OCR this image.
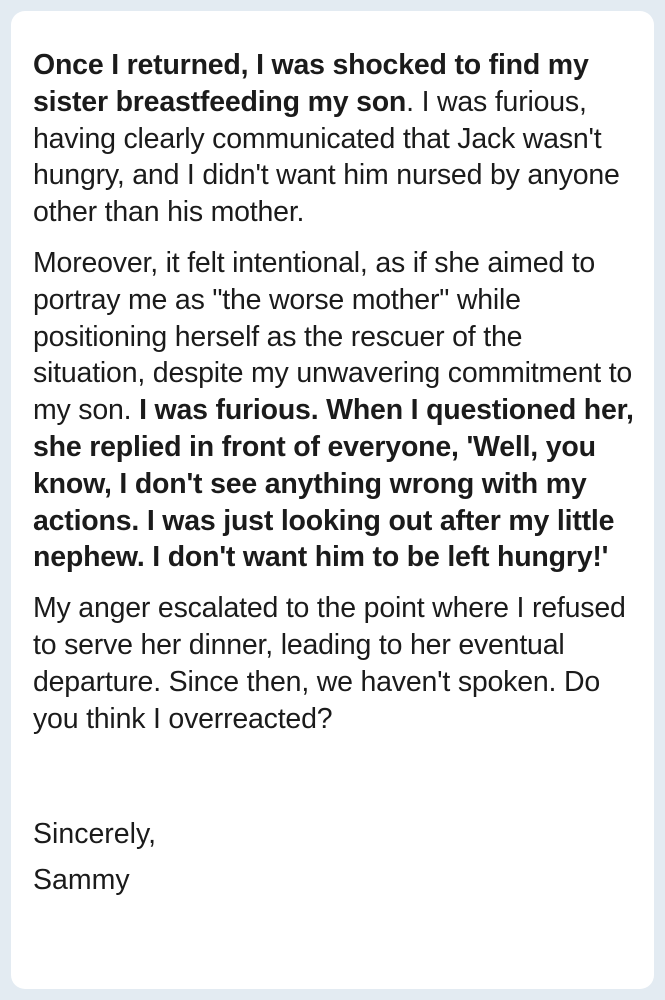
Once I returned, I was shocked to find my sister breastfeeding my son. I was furious, having clearly communicated that Jack wasn't hungry, and I didn't want him nursed by anyone other than his mother.

Moreover, it felt intentional, as if she aimed to portray me as "the worse mother" while positioning herself as the rescuer of the situation, despite my unwavering commitment to my son. I was furious. When I questioned her, she replied in front of everyone, 'Well, you know, I don't see anything wrong with my actions. I was just looking out after my little nephew. I don't want him to be left hungry!'

My anger escalated to the point where I refused to serve her dinner, leading to her eventual departure. Since then, we haven't spoken. Do you think I overreacted?

Sincerely,

Sammy
